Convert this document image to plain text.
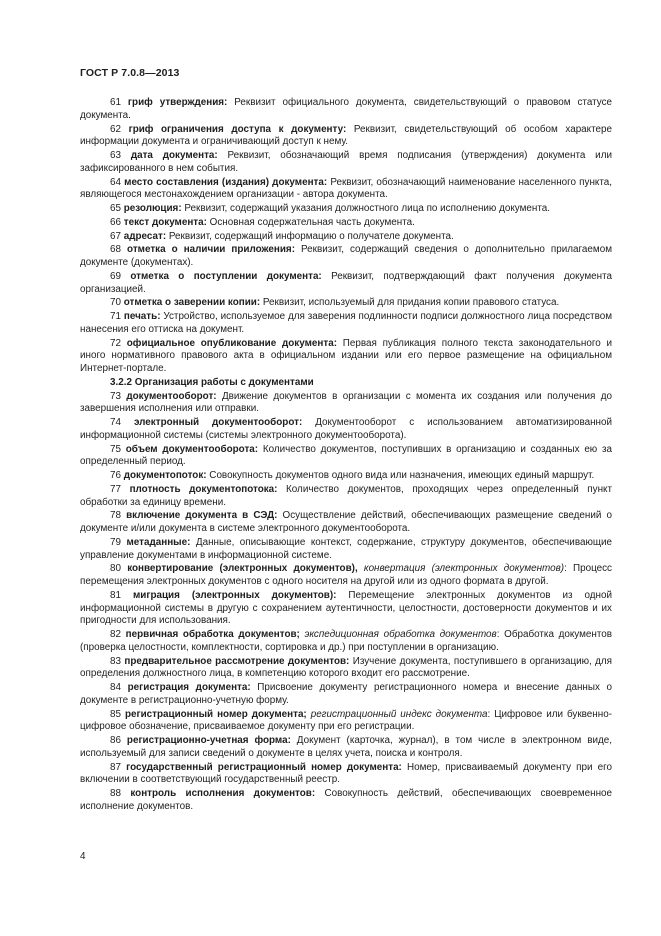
ГОСТ Р 7.0.8—2013

61 гриф утверждения: Реквизит официального документа, свидетельствующий о правовом статусе документа.

62 гриф ограничения доступа к документу: Реквизит, свидетельствующий об особом характере информации документа и ограничивающий доступ к нему.

63 дата документа: Реквизит, обозначающий время подписания (утверждения) документа или зафиксированного в нем события.

64 место составления (издания) документа: Реквизит, обозначающий наименование населенного пункта, являющегося местонахождением организации - автора документа.

65 резолюция: Реквизит, содержащий указания должностного лица по исполнению документа.

66 текст документа: Основная содержательная часть документа.

67 адресат: Реквизит, содержащий информацию о получателе документа.

68 отметка о наличии приложения: Реквизит, содержащий сведения о дополнительно прилагаемом документе (документах).

69 отметка о поступлении документа: Реквизит, подтверждающий факт получения документа организацией.

70 отметка о заверении копии: Реквизит, используемый для придания копии правового статуса.

71 печать: Устройство, используемое для заверения подлинности подписи должностного лица посредством нанесения его оттиска на документ.

72 официальное опубликование документа: Первая публикация полного текста законодательного и иного нормативного правового акта в официальном издании или его первое размещение на официальном Интернет-портале.

3.2.2 Организация работы с документами

73 документооборот: Движение документов в организации с момента их создания или получения до завершения исполнения или отправки.

74 электронный документооборот: Документооборот с использованием автоматизированной информационной системы (системы электронного документооборота).

75 объем документооборота: Количество документов, поступивших в организацию и созданных ею за определенный период.

76 документопоток: Совокупность документов одного вида или назначения, имеющих единый маршрут.

77 плотность документопотока: Количество документов, проходящих через определенный пункт обработки за единицу времени.

78 включение документа в СЭД: Осуществление действий, обеспечивающих размещение сведений о документе и/или документа в системе электронного документооборота.

79 метаданные: Данные, описывающие контекст, содержание, структуру документов, обеспечивающие управление документами в информационной системе.

80 конвертирование (электронных документов), конвертация (электронных документов): Процесс перемещения электронных документов с одного носителя на другой или из одного формата в другой.

81 миграция (электронных документов): Перемещение электронных документов из одной информационной системы в другую с сохранением аутентичности, целостности, достоверности документов и их пригодности для использования.

82 первичная обработка документов; экспедиционная обработка документов: Обработка документов (проверка целостности, комплектности, сортировка и др.) при поступлении в организацию.

83 предварительное рассмотрение документов: Изучение документа, поступившего в организацию, для определения должностного лица, в компетенцию которого входит его рассмотрение.

84 регистрация документа: Присвоение документу регистрационного номера и внесение данных о документе в регистрационно-учетную форму.

85 регистрационный номер документа; регистрационный индекс документа: Цифровое или буквенно-цифровое обозначение, присваиваемое документу при его регистрации.

86 регистрационно-учетная форма: Документ (карточка, журнал), в том числе в электронном виде, используемый для записи сведений о документе в целях учета, поиска и контроля.

87 государственный регистрационный номер документа: Номер, присваиваемый документу при его включении в соответствующий государственный реестр.

88 контроль исполнения документов: Совокупность действий, обеспечивающих своевременное исполнение документов.

4
